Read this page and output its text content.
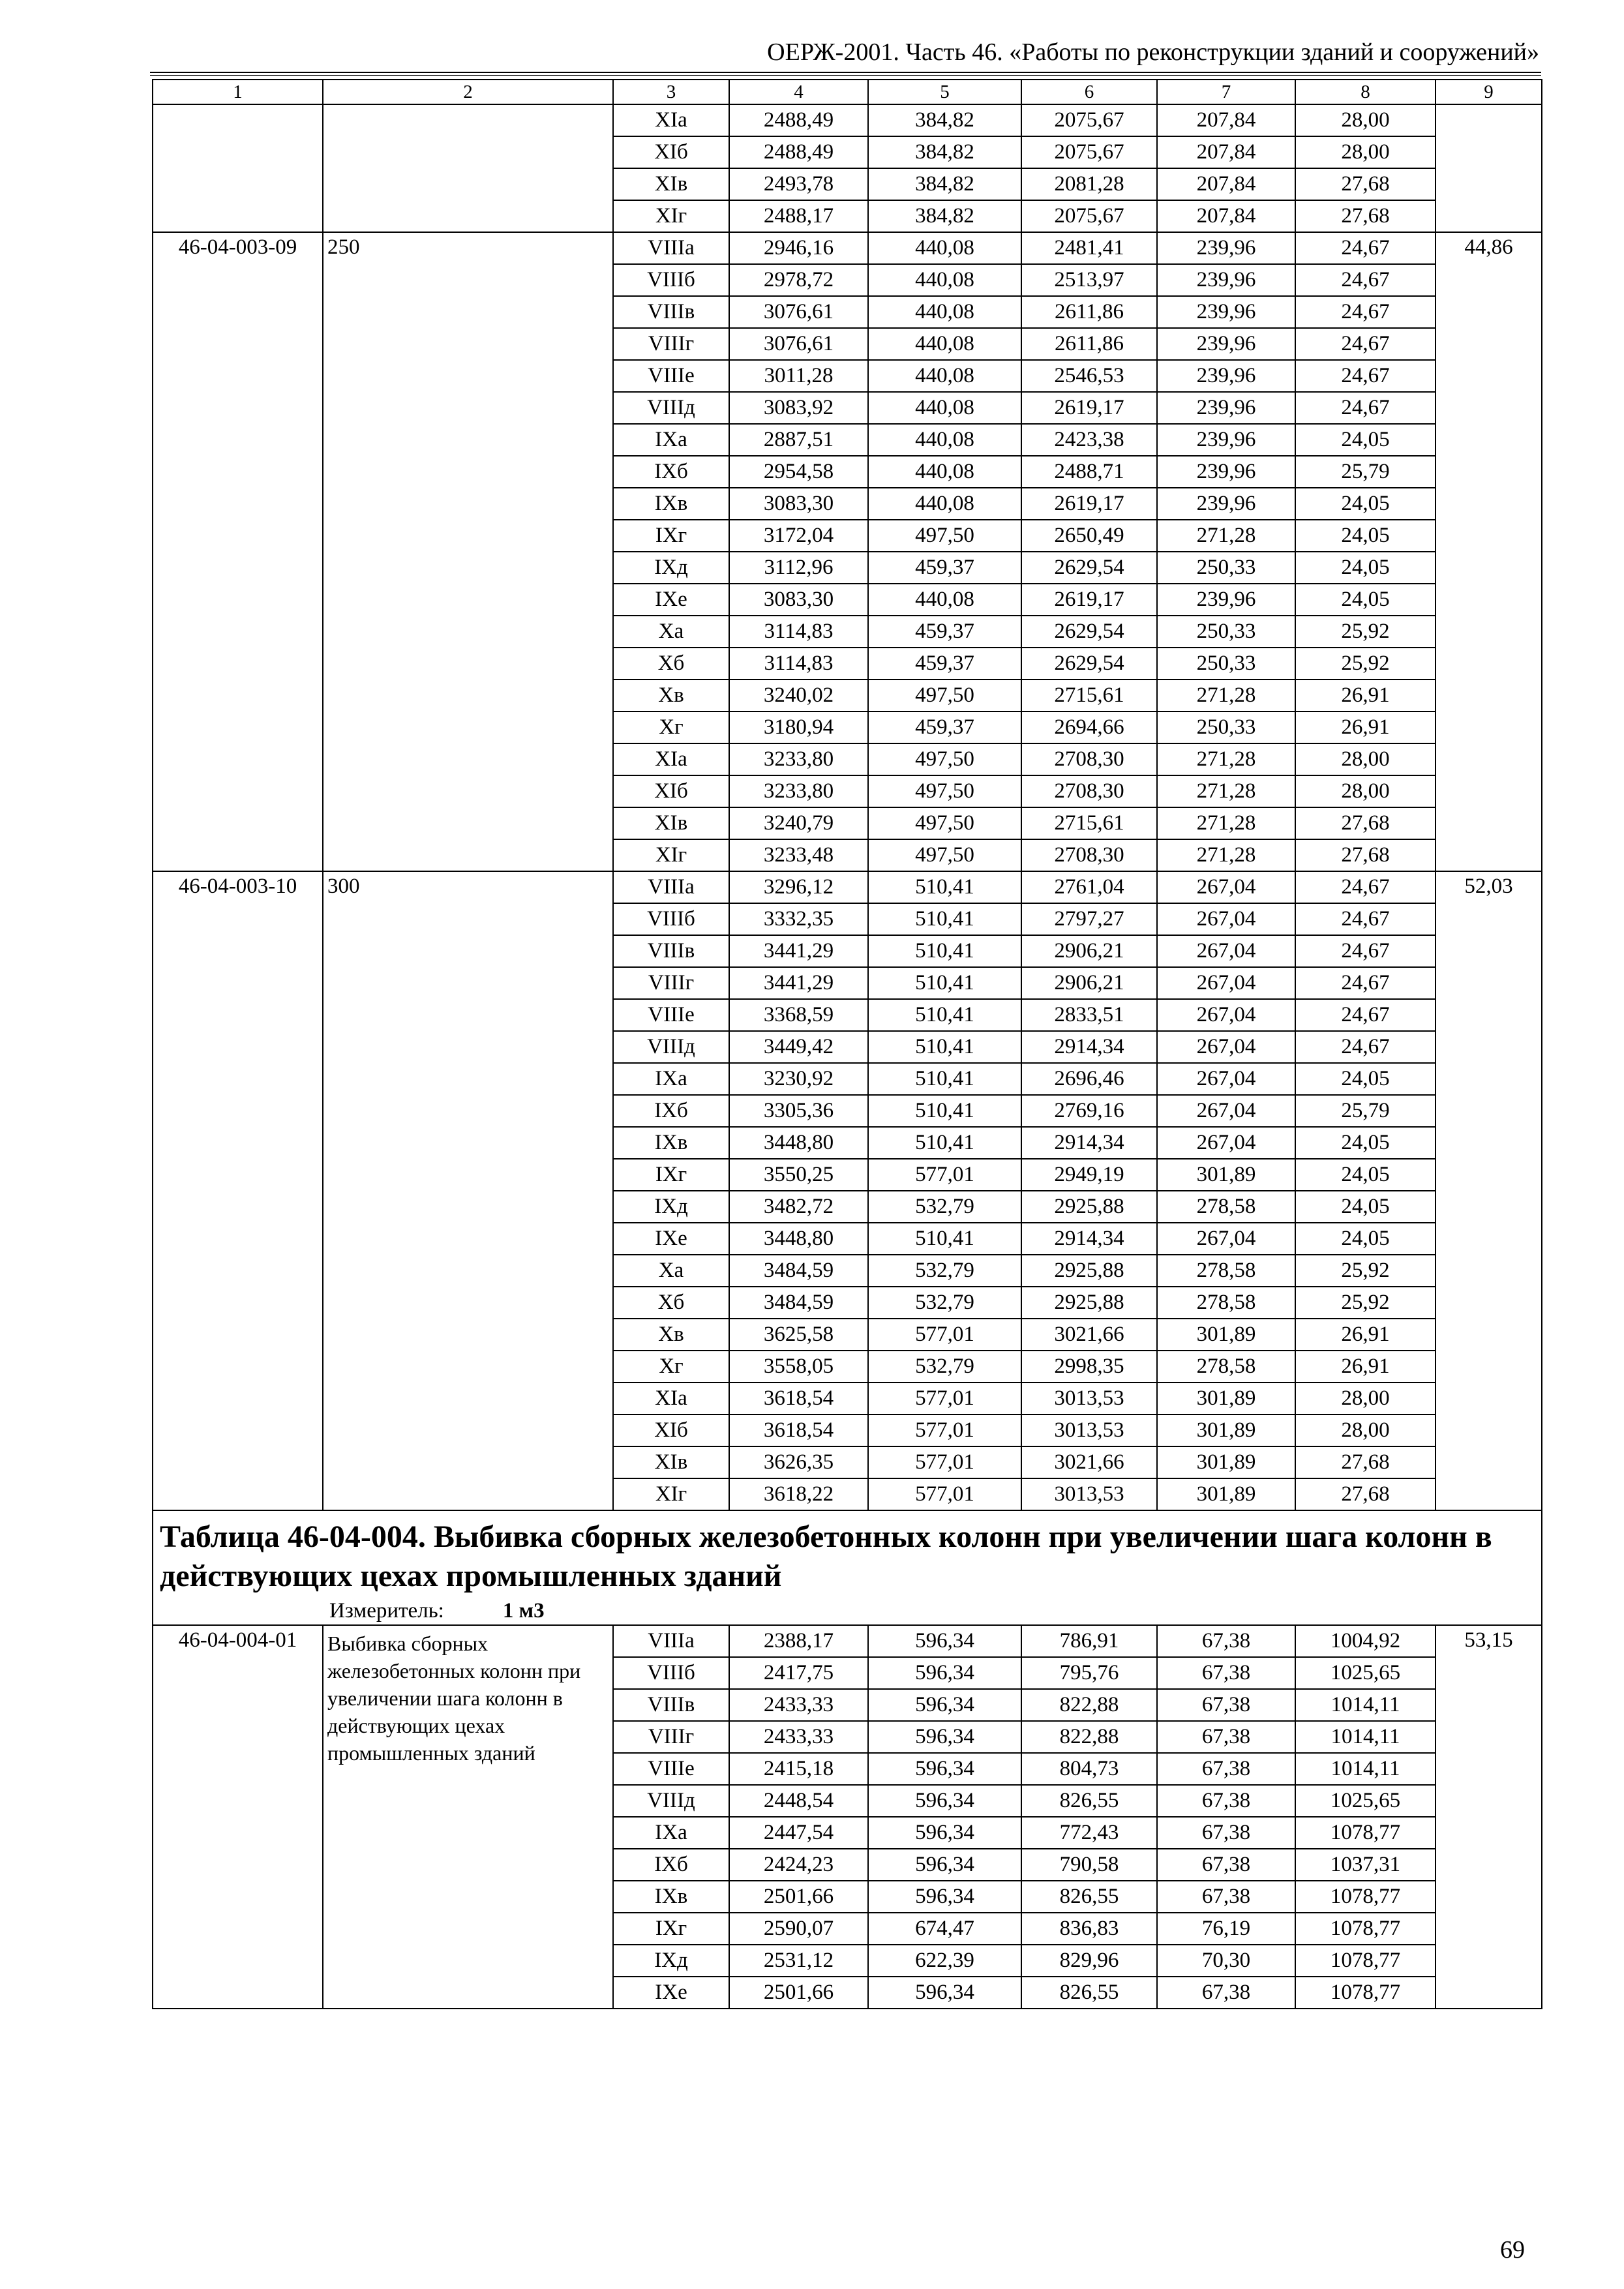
ОЕРЖ-2001. Часть 46. «Работы по реконструкции зданий и сооружений»
1	2	3	4	5	6	7	8	9
		XIа	2488,49	384,82	2075,67	207,84	28,00	
		XIб	2488,49	384,82	2075,67	207,84	28,00	
		XIв	2493,78	384,82	2081,28	207,84	27,68	
		XIг	2488,17	384,82	2075,67	207,84	27,68	
46-04-003-09	250	VIIIа	2946,16	440,08	2481,41	239,96	24,67	44,86
		VIIIб	2978,72	440,08	2513,97	239,96	24,67	
		VIIIв	3076,61	440,08	2611,86	239,96	24,67	
		VIIIг	3076,61	440,08	2611,86	239,96	24,67	
		VIIIе	3011,28	440,08	2546,53	239,96	24,67	
		VIIIд	3083,92	440,08	2619,17	239,96	24,67	
		IXа	2887,51	440,08	2423,38	239,96	24,05	
		IXб	2954,58	440,08	2488,71	239,96	25,79	
		IXв	3083,30	440,08	2619,17	239,96	24,05	
		IXг	3172,04	497,50	2650,49	271,28	24,05	
		IXд	3112,96	459,37	2629,54	250,33	24,05	
		IXе	3083,30	440,08	2619,17	239,96	24,05	
		Xа	3114,83	459,37	2629,54	250,33	25,92	
		Xб	3114,83	459,37	2629,54	250,33	25,92	
		Xв	3240,02	497,50	2715,61	271,28	26,91	
		Xг	3180,94	459,37	2694,66	250,33	26,91	
		XIа	3233,80	497,50	2708,30	271,28	28,00	
		XIб	3233,80	497,50	2708,30	271,28	28,00	
		XIв	3240,79	497,50	2715,61	271,28	27,68	
		XIг	3233,48	497,50	2708,30	271,28	27,68	
46-04-003-10	300	VIIIа	3296,12	510,41	2761,04	267,04	24,67	52,03
		VIIIб	3332,35	510,41	2797,27	267,04	24,67	
		VIIIв	3441,29	510,41	2906,21	267,04	24,67	
		VIIIг	3441,29	510,41	2906,21	267,04	24,67	
		VIIIе	3368,59	510,41	2833,51	267,04	24,67	
		VIIIд	3449,42	510,41	2914,34	267,04	24,67	
		IXа	3230,92	510,41	2696,46	267,04	24,05	
		IXб	3305,36	510,41	2769,16	267,04	25,79	
		IXв	3448,80	510,41	2914,34	267,04	24,05	
		IXг	3550,25	577,01	2949,19	301,89	24,05	
		IXд	3482,72	532,79	2925,88	278,58	24,05	
		IXе	3448,80	510,41	2914,34	267,04	24,05	
		Xа	3484,59	532,79	2925,88	278,58	25,92	
		Xб	3484,59	532,79	2925,88	278,58	25,92	
		Xв	3625,58	577,01	3021,66	301,89	26,91	
		Xг	3558,05	532,79	2998,35	278,58	26,91	
		XIа	3618,54	577,01	3013,53	301,89	28,00	
		XIб	3618,54	577,01	3013,53	301,89	28,00	
		XIв	3626,35	577,01	3021,66	301,89	27,68	
		XIг	3618,22	577,01	3013,53	301,89	27,68	

Таблица 46-04-004. Выбивка сборных железобетонных колонн при увеличении шага колонн в действующих цехах промышленных зданий
Измеритель: 1 м3								

46-04-004-01	Выбивка сборных железобетонных колонн при увеличении шага колонн в действующих цехах промышленных зданий	VIIIа	2388,17	596,34	786,91	67,38	1004,92	53,15
		VIIIб	2417,75	596,34	795,76	67,38	1025,65	
		VIIIв	2433,33	596,34	822,88	67,38	1014,11	
		VIIIг	2433,33	596,34	822,88	67,38	1014,11	
		VIIIе	2415,18	596,34	804,73	67,38	1014,11	
		VIIIд	2448,54	596,34	826,55	67,38	1025,65	
		IXа	2447,54	596,34	772,43	67,38	1078,77	
		IXб	2424,23	596,34	790,58	67,38	1037,31	
		IXв	2501,66	596,34	826,55	67,38	1078,77	
		IXг	2590,07	674,47	836,83	76,19	1078,77	
		IXд	2531,12	622,39	829,96	70,30	1078,77	
		IXе	2501,66	596,34	826,55	67,38	1078,77	
69
